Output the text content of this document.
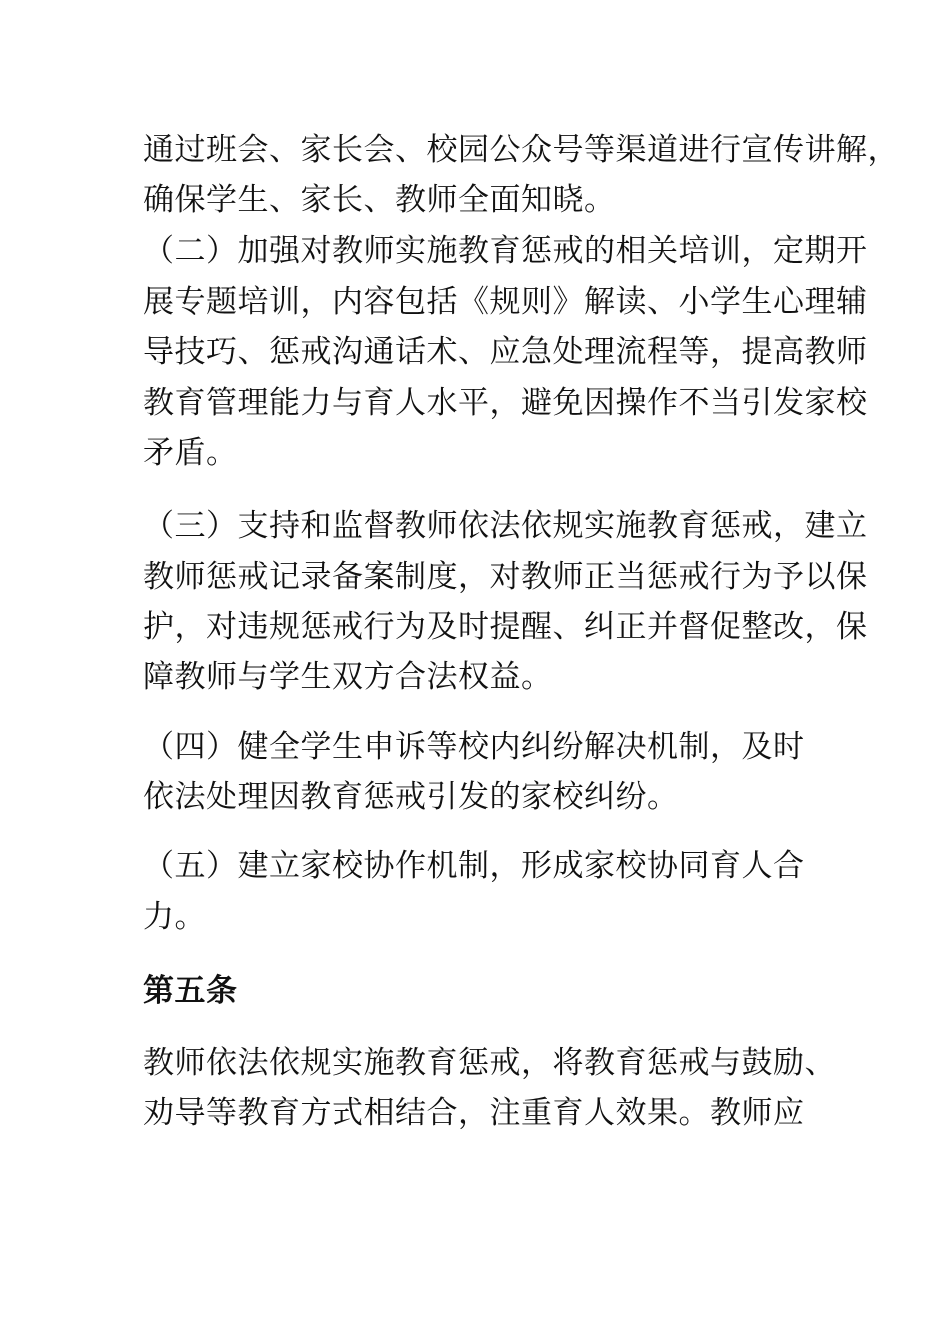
通过班会、家长会、校园公众号等渠道进行宣传讲解，
确保学生、家长、教师全面知晓。
（二）加强对教师实施教育惩戒的相关培训，定期开
展专题培训，内容包括《规则》解读、小学生心理辅
导技巧、惩戒沟通话术、应急处理流程等，提高教师
教育管理能力与育人水平，避免因操作不当引发家校
矛盾。
（三）支持和监督教师依法依规实施教育惩戒，建立
教师惩戒记录备案制度，对教师正当惩戒行为予以保
护，对违规惩戒行为及时提醒、纠正并督促整改，保
障教师与学生双方合法权益。
（四）健全学生申诉等校内纠纷解决机制，及时
依法处理因教育惩戒引发的家校纠纷。
（五）建立家校协作机制，形成家校协同育人合
力。
第五条
教师依法依规实施教育惩戒，将教育惩戒与鼓励、
劝导等教育方式相结合，注重育人效果。教师应
